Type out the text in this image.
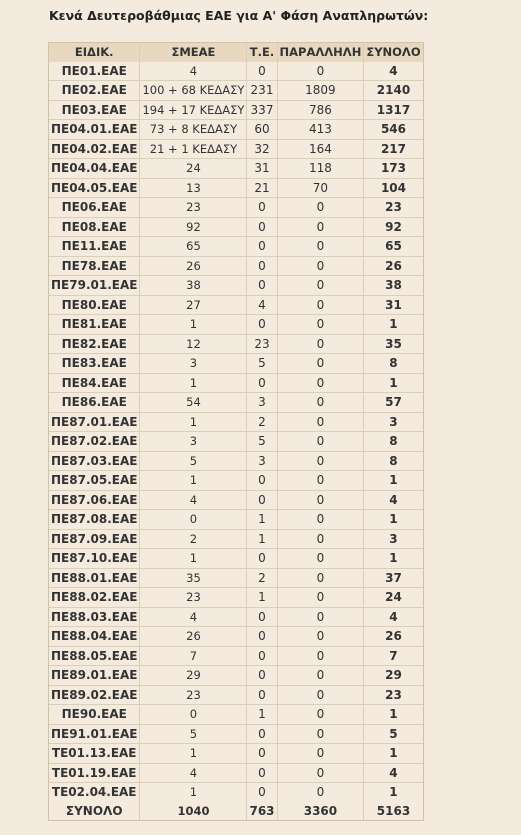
Κενά Δευτεροβάθμιας ΕΑΕ για Α' Φάση Αναπληρωτών:
ΕΙΔΙΚ.	ΣΜΕΑΕ	Τ.Ε.	ΠΑΡΑΛΛΗΛΗ	ΣΥΝΟΛΟ
ΠΕ01.ΕΑΕ	4	0	0	4
ΠΕ02.ΕΑΕ	100 + 68 ΚΕΔΑΣΥ	231	1809	2140
ΠΕ03.ΕΑΕ	194 + 17 ΚΕΔΑΣΥ	337	786	1317
ΠΕ04.01.ΕΑΕ	73 + 8 ΚΕΔΑΣΥ	60	413	546
ΠΕ04.02.ΕΑΕ	21 + 1 ΚΕΔΑΣΥ	32	164	217
ΠΕ04.04.ΕΑΕ	24	31	118	173
ΠΕ04.05.ΕΑΕ	13	21	70	104
ΠΕ06.ΕΑΕ	23	0	0	23
ΠΕ08.ΕΑΕ	92	0	0	92
ΠΕ11.ΕΑΕ	65	0	0	65
ΠΕ78.ΕΑΕ	26	0	0	26
ΠΕ79.01.ΕΑΕ	38	0	0	38
ΠΕ80.ΕΑΕ	27	4	0	31
ΠΕ81.ΕΑΕ	1	0	0	1
ΠΕ82.ΕΑΕ	12	23	0	35
ΠΕ83.ΕΑΕ	3	5	0	8
ΠΕ84.ΕΑΕ	1	0	0	1
ΠΕ86.ΕΑΕ	54	3	0	57
ΠΕ87.01.ΕΑΕ	1	2	0	3
ΠΕ87.02.ΕΑΕ	3	5	0	8
ΠΕ87.03.ΕΑΕ	5	3	0	8
ΠΕ87.05.ΕΑΕ	1	0	0	1
ΠΕ87.06.ΕΑΕ	4	0	0	4
ΠΕ87.08.ΕΑΕ	0	1	0	1
ΠΕ87.09.ΕΑΕ	2	1	0	3
ΠΕ87.10.ΕΑΕ	1	0	0	1
ΠΕ88.01.ΕΑΕ	35	2	0	37
ΠΕ88.02.ΕΑΕ	23	1	0	24
ΠΕ88.03.ΕΑΕ	4	0	0	4
ΠΕ88.04.ΕΑΕ	26	0	0	26
ΠΕ88.05.ΕΑΕ	7	0	0	7
ΠΕ89.01.ΕΑΕ	29	0	0	29
ΠΕ89.02.ΕΑΕ	23	0	0	23
ΠΕ90.ΕΑΕ	0	1	0	1
ΠΕ91.01.ΕΑΕ	5	0	0	5
ΤΕ01.13.ΕΑΕ	1	0	0	1
ΤΕ01.19.ΕΑΕ	4	0	0	4
ΤΕ02.04.ΕΑΕ	1	0	0	1
ΣΥΝΟΛΟ	1040	763	3360	5163
